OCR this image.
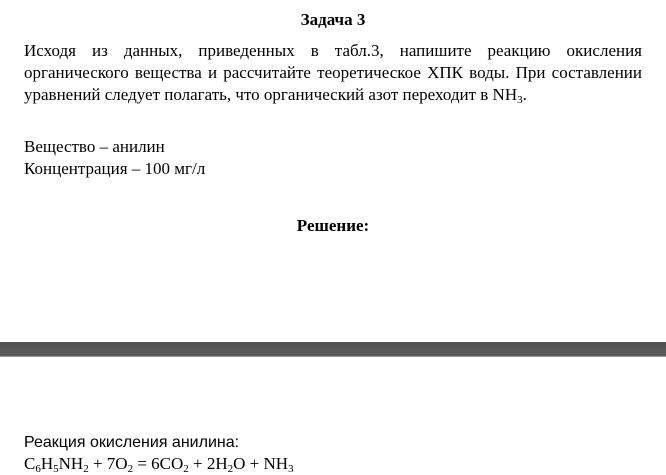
Задача 3

Исходя из данных, приведенных в табл.3, напишите реакцию окисления органического вещества и рассчитайте теоретическое ХПК воды. При составлении уравнений следует полагать, что органический азот переходит в $NH_3$.

Вещество – анилин
Концентрация – 100 мг/л
Решение:
Реакция окисления анилина:
$C_6H_5NH_2 + 7O_2 = 6CO_2 + 2H_2O + NH_3$
